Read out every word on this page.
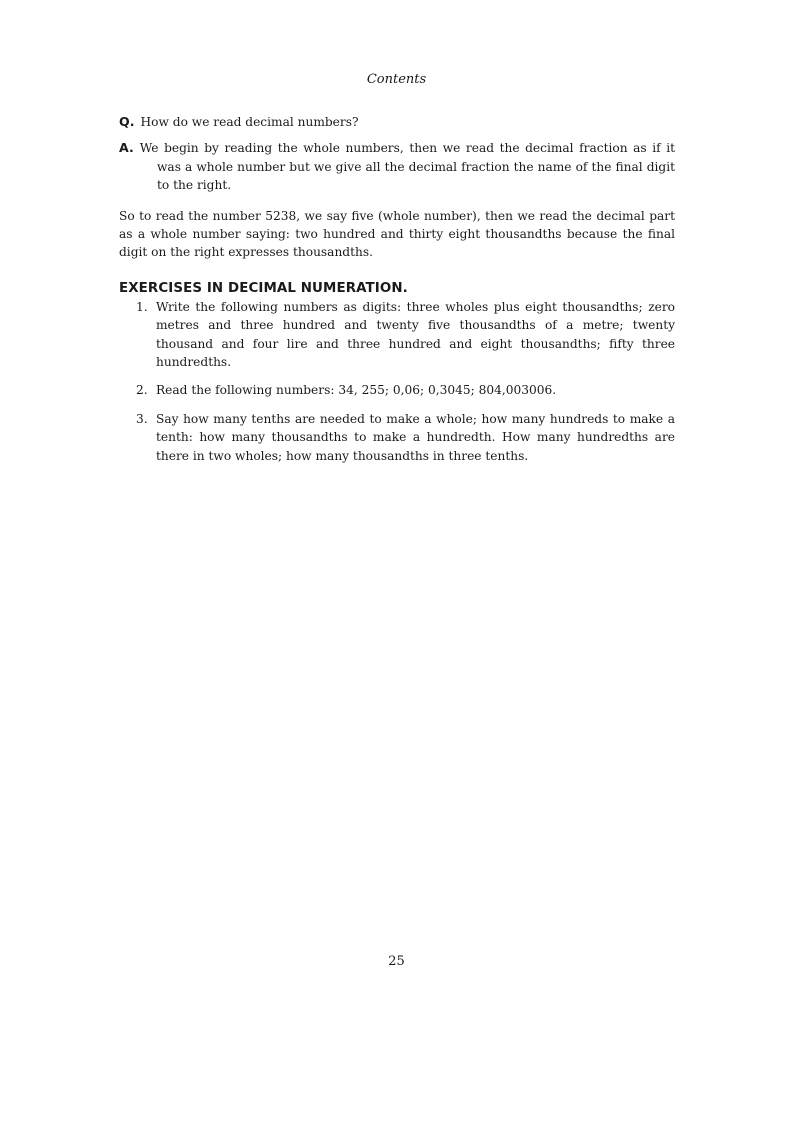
Contents

Q. How do we read decimal numbers?

A. We begin by reading the whole numbers, then we read the decimal fraction as if it was a whole number but we give all the decimal fraction the name of the final digit to the right.

So to read the number 5238, we say five (whole number), then we read the decimal part as a whole number saying: two hundred and thirty eight thousandths because the final digit on the right expresses thousandths.

EXERCISES IN DECIMAL NUMERATION.
1. Write the following numbers as digits: three wholes plus eight thousandths; zero metres and three hundred and twenty five thousandths of a metre; twenty thousand and four lire and three hundred and eight thousandths; fifty three hundredths.
2. Read the following numbers: 34, 255; 0,06; 0,3045; 804,003006.
3. Say how many tenths are needed to make a whole; how many hundreds to make a tenth: how many thousandths to make a hundredth. How many hundredths are there in two wholes; how many thousandths in three tenths.
25
